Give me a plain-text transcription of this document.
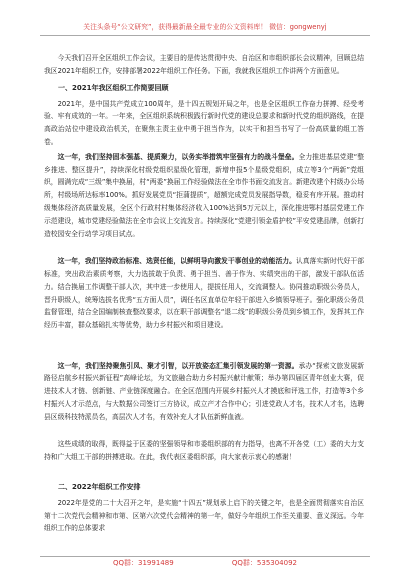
关注头条号“公文研究”，获得最新最全最专业的公文资料库！ 微信：gongwenyj

今天我们召开全区组织工作会议，主要目的是传达贯彻中央、自治区和市组织部长会议精神，回顾总结我区2021年组织工作，安排部署2022年组织工作任务。下面，我就我区组织工作讲两个方面意见。

一、2021年我区组织工作简要回顾

2021年，是中国共产党成立100周年，是十四五规划开局之年，也是全区组织工作奋力拼搏、经受考验、牢有成效的一年。一年来，全区组织系统积极践行新时代党的建设总要求和新时代党的组织路线，在提高政治站位中建设政治机关，在聚焦主责主业中勇于担当作为，以实干和担当书写了一份高质量的组工答卷。

这一年，我们坚持固本强基、提质聚力，以务实举措筑牢坚强有力的战斗堡垒。全力推进基层党建“整乡推进、整区提升”，持续深化村级党组织星级化管理，新增申报5个星级党组织，成立等3个“两新”党组织，圆满完成“三级”集中换届，村“两委”换届工作经验做法在全市作书面交流发言。新建改建个村级办公场所，村级场所达标率100%。抓好发展党员“拒蒲提质”，超额完成党员发展指导数，稳妥有序开展。推动村级集体经济高质量发展，全区个行政村村集体经济收入100%达到5万元以上，深化推进鄂村基层党建工作示范建设，城市党建经验做法在全市会议上交流发言。持续深化“党建引领金盾护校”平安党建品牌，创新打造校园安全行动学习项目试点。

这一年，我们坚持政治标准、选贤任能，以鲜明导向激发干事创业的动能活力。认真落实新时代好干部标准，突出政治素质考察，大力选拔敢于负责、勇于担当、善于作为、实绩突出的干部，激发干部队伍活力。结合换届工作调整干部人次，其中进一步使用人，提拔任用人，交流调整人。协同推动职级公务员人，晋升职级人，统筹选拔名优秀“五方面人员”，调任名区直单位年轻干部进入乡镇领导班子。强化职级公务员监督管理，结合全国编制核查整改要求，以在职干部调整名“退二线”的职级公务员到乡镇工作，发挥其工作经历丰富，群众基础扎实等优势，助力乡村振兴和项目建设。

这一年，我们坚持聚焦引凤、聚才引智，以开放姿态汇集引领发展的第一资源。承办“探索文旅发展新路径启航乡村振兴新征程”高峰论坛，为文旅融合助力乡村振兴献计献策；举办第四届区青年创业大赛，促进技术人才链、创新链、产业链深度融合。在全区范围内开展乡村振兴人才摸底和评选工作，打造等3个乡村振兴人才示范点，与大数据公司签订三方协议，成立产才合作中心；引进党政人才名，技术人才名，选聘县区级科技特派员名，高层次人才名，有效补充人才队伍新鲜血液。

这些成绩的取得，既得益于区委的坚强领导和市委组织部的有力指导，也离不开各党（工）委的大力支持和广大组工干部的拼搏进取。在此，我代表区委组织部，向大家表示衷心的感谢！

二、2022年组织工作安排

2022年是党的二十大召开之年，是实施“十四五”规划承上启下的关键之年，也是全面贯彻落实自治区第十二次党代会精神和市第、区第六次党代会精神的第一年，做好今年组织工作至关重要、意义深远。今年组织工作的总体要求

QQ群：31991489	QQ群：535304092
